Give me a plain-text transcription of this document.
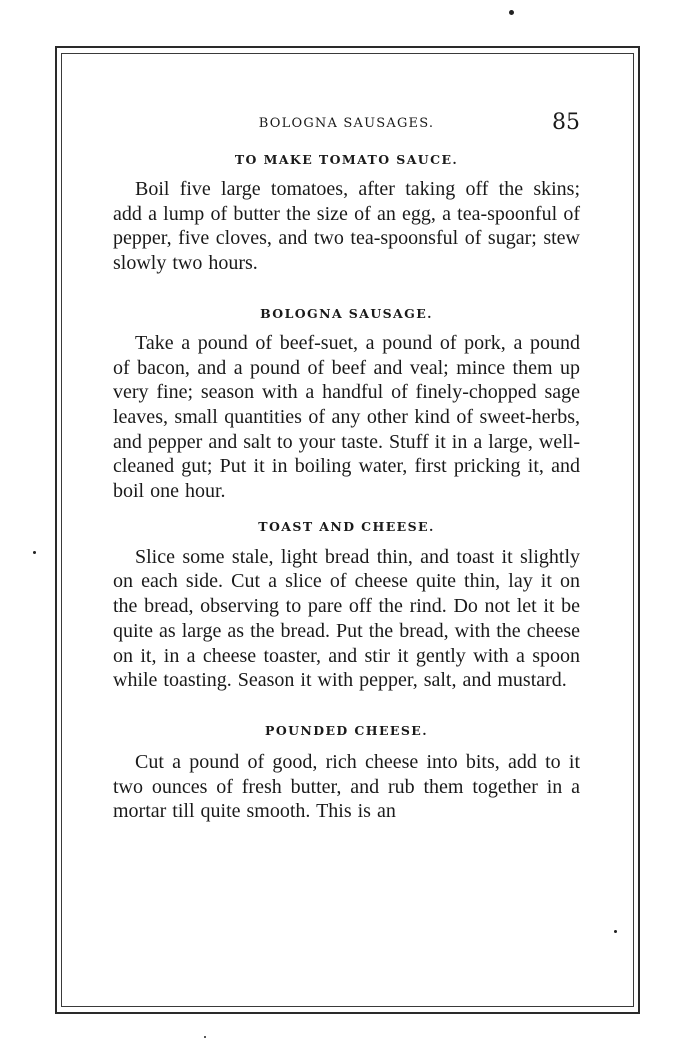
BOLOGNA SAUSAGES.	85
TO MAKE TOMATO SAUCE.

Boil five large tomatoes, after taking off the skins; add a lump of butter the size of an egg, a tea-spoonful of pepper, five cloves, and two tea-spoonsful of sugar; stew slowly two hours.

BOLOGNA SAUSAGE.

Take a pound of beef-suet, a pound of pork, a pound of bacon, and a pound of beef and veal; mince them up very fine; season with a handful of finely-chopped sage leaves, small quantities of any other kind of sweet-herbs, and pepper and salt to your taste. Stuff it in a large, well-cleaned gut; Put it in boiling water, first pricking it, and boil one hour.

TOAST AND CHEESE.

Slice some stale, light bread thin, and toast it slightly on each side. Cut a slice of cheese quite thin, lay it on the bread, observing to pare off the rind. Do not let it be quite as large as the bread. Put the bread, with the cheese on it, in a cheese toaster, and stir it gently with a spoon while toasting. Season it with pepper, salt, and mustard.

POUNDED CHEESE.

Cut a pound of good, rich cheese into bits, add to it two ounces of fresh butter, and rub them together in a mortar till quite smooth. This is an
